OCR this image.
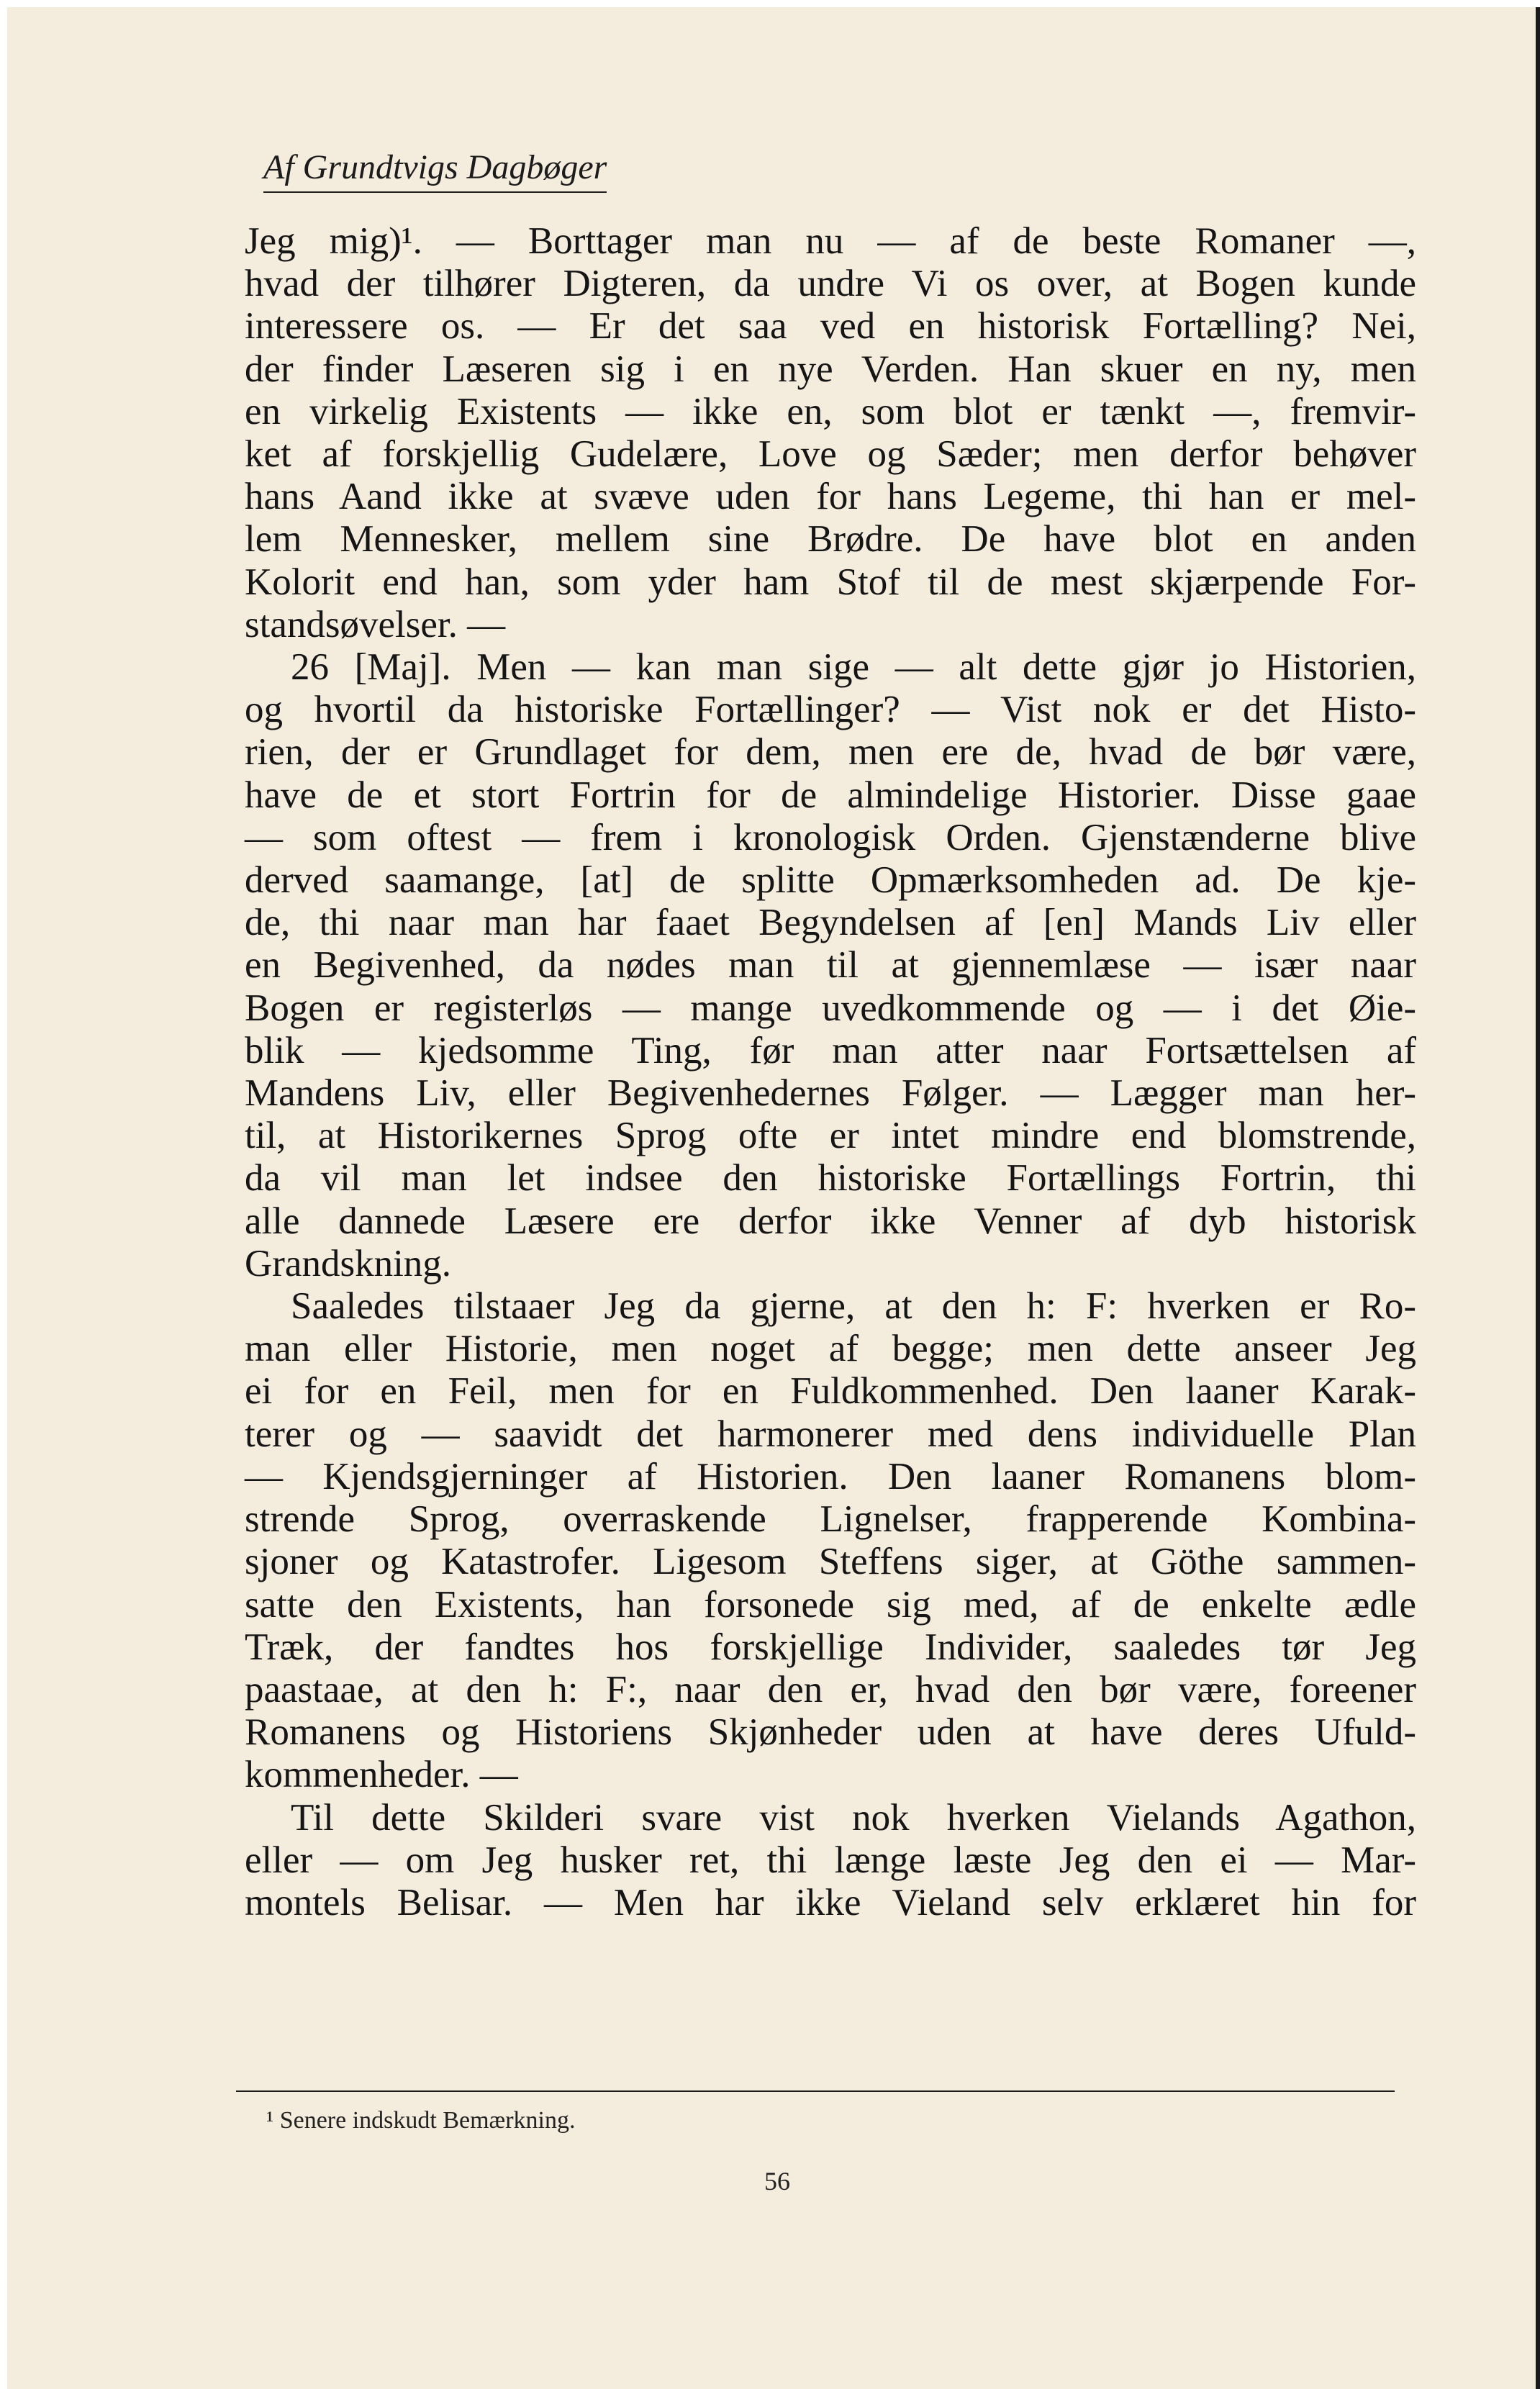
Af Grundtvigs Dagbøger
Jeg mig)¹. — Borttager man nu — af de beste Romaner —,
hvad der tilhører Digteren, da undre Vi os over, at Bogen kunde
interessere os. — Er det saa ved en historisk Fortælling? Nei,
der finder Læseren sig i en nye Verden. Han skuer en ny, men
en virkelig Existents — ikke en, som blot er tænkt —, fremvir-
ket af forskjellig Gudelære, Love og Sæder; men derfor behøver
hans Aand ikke at svæve uden for hans Legeme, thi han er mel-
lem Mennesker, mellem sine Brødre. De have blot en anden
Kolorit end han, som yder ham Stof til de mest skjærpende For-
standsøvelser. —
26 [Maj]. Men — kan man sige — alt dette gjør jo Historien,
og hvortil da historiske Fortællinger? — Vist nok er det Histo-
rien, der er Grundlaget for dem, men ere de, hvad de bør være,
have de et stort Fortrin for de almindelige Historier. Disse gaae
— som oftest — frem i kronologisk Orden. Gjenstænderne blive
derved saamange, [at] de splitte Opmærksomheden ad. De kje-
de, thi naar man har faaet Begyndelsen af [en] Mands Liv eller
en Begivenhed, da nødes man til at gjennemlæse — især naar
Bogen er registerløs — mange uvedkommende og — i det Øie-
blik — kjedsomme Ting, før man atter naar Fortsættelsen af
Mandens Liv, eller Begivenhedernes Følger. — Lægger man her-
til, at Historikernes Sprog ofte er intet mindre end blomstrende,
da vil man let indsee den historiske Fortællings Fortrin, thi
alle dannede Læsere ere derfor ikke Venner af dyb historisk
Grandskning.
Saaledes tilstaaer Jeg da gjerne, at den h: F: hverken er Ro-
man eller Historie, men noget af begge; men dette anseer Jeg
ei for en Feil, men for en Fuldkommenhed. Den laaner Karak-
terer og — saavidt det harmonerer med dens individuelle Plan
— Kjendsgjerninger af Historien. Den laaner Romanens blom-
strende Sprog, overraskende Lignelser, frapperende Kombina-
sjoner og Katastrofer. Ligesom Steffens siger, at Göthe sammen-
satte den Existents, han forsonede sig med, af de enkelte ædle
Træk, der fandtes hos forskjellige Individer, saaledes tør Jeg
paastaae, at den h: F:, naar den er, hvad den bør være, foreener
Romanens og Historiens Skjønheder uden at have deres Ufuld-
kommenheder. —
Til dette Skilderi svare vist nok hverken Vielands Agathon,
eller — om Jeg husker ret, thi længe læste Jeg den ei — Mar-
montels Belisar. — Men har ikke Vieland selv erklæret hin for
¹ Senere indskudt Bemærkning.
56
